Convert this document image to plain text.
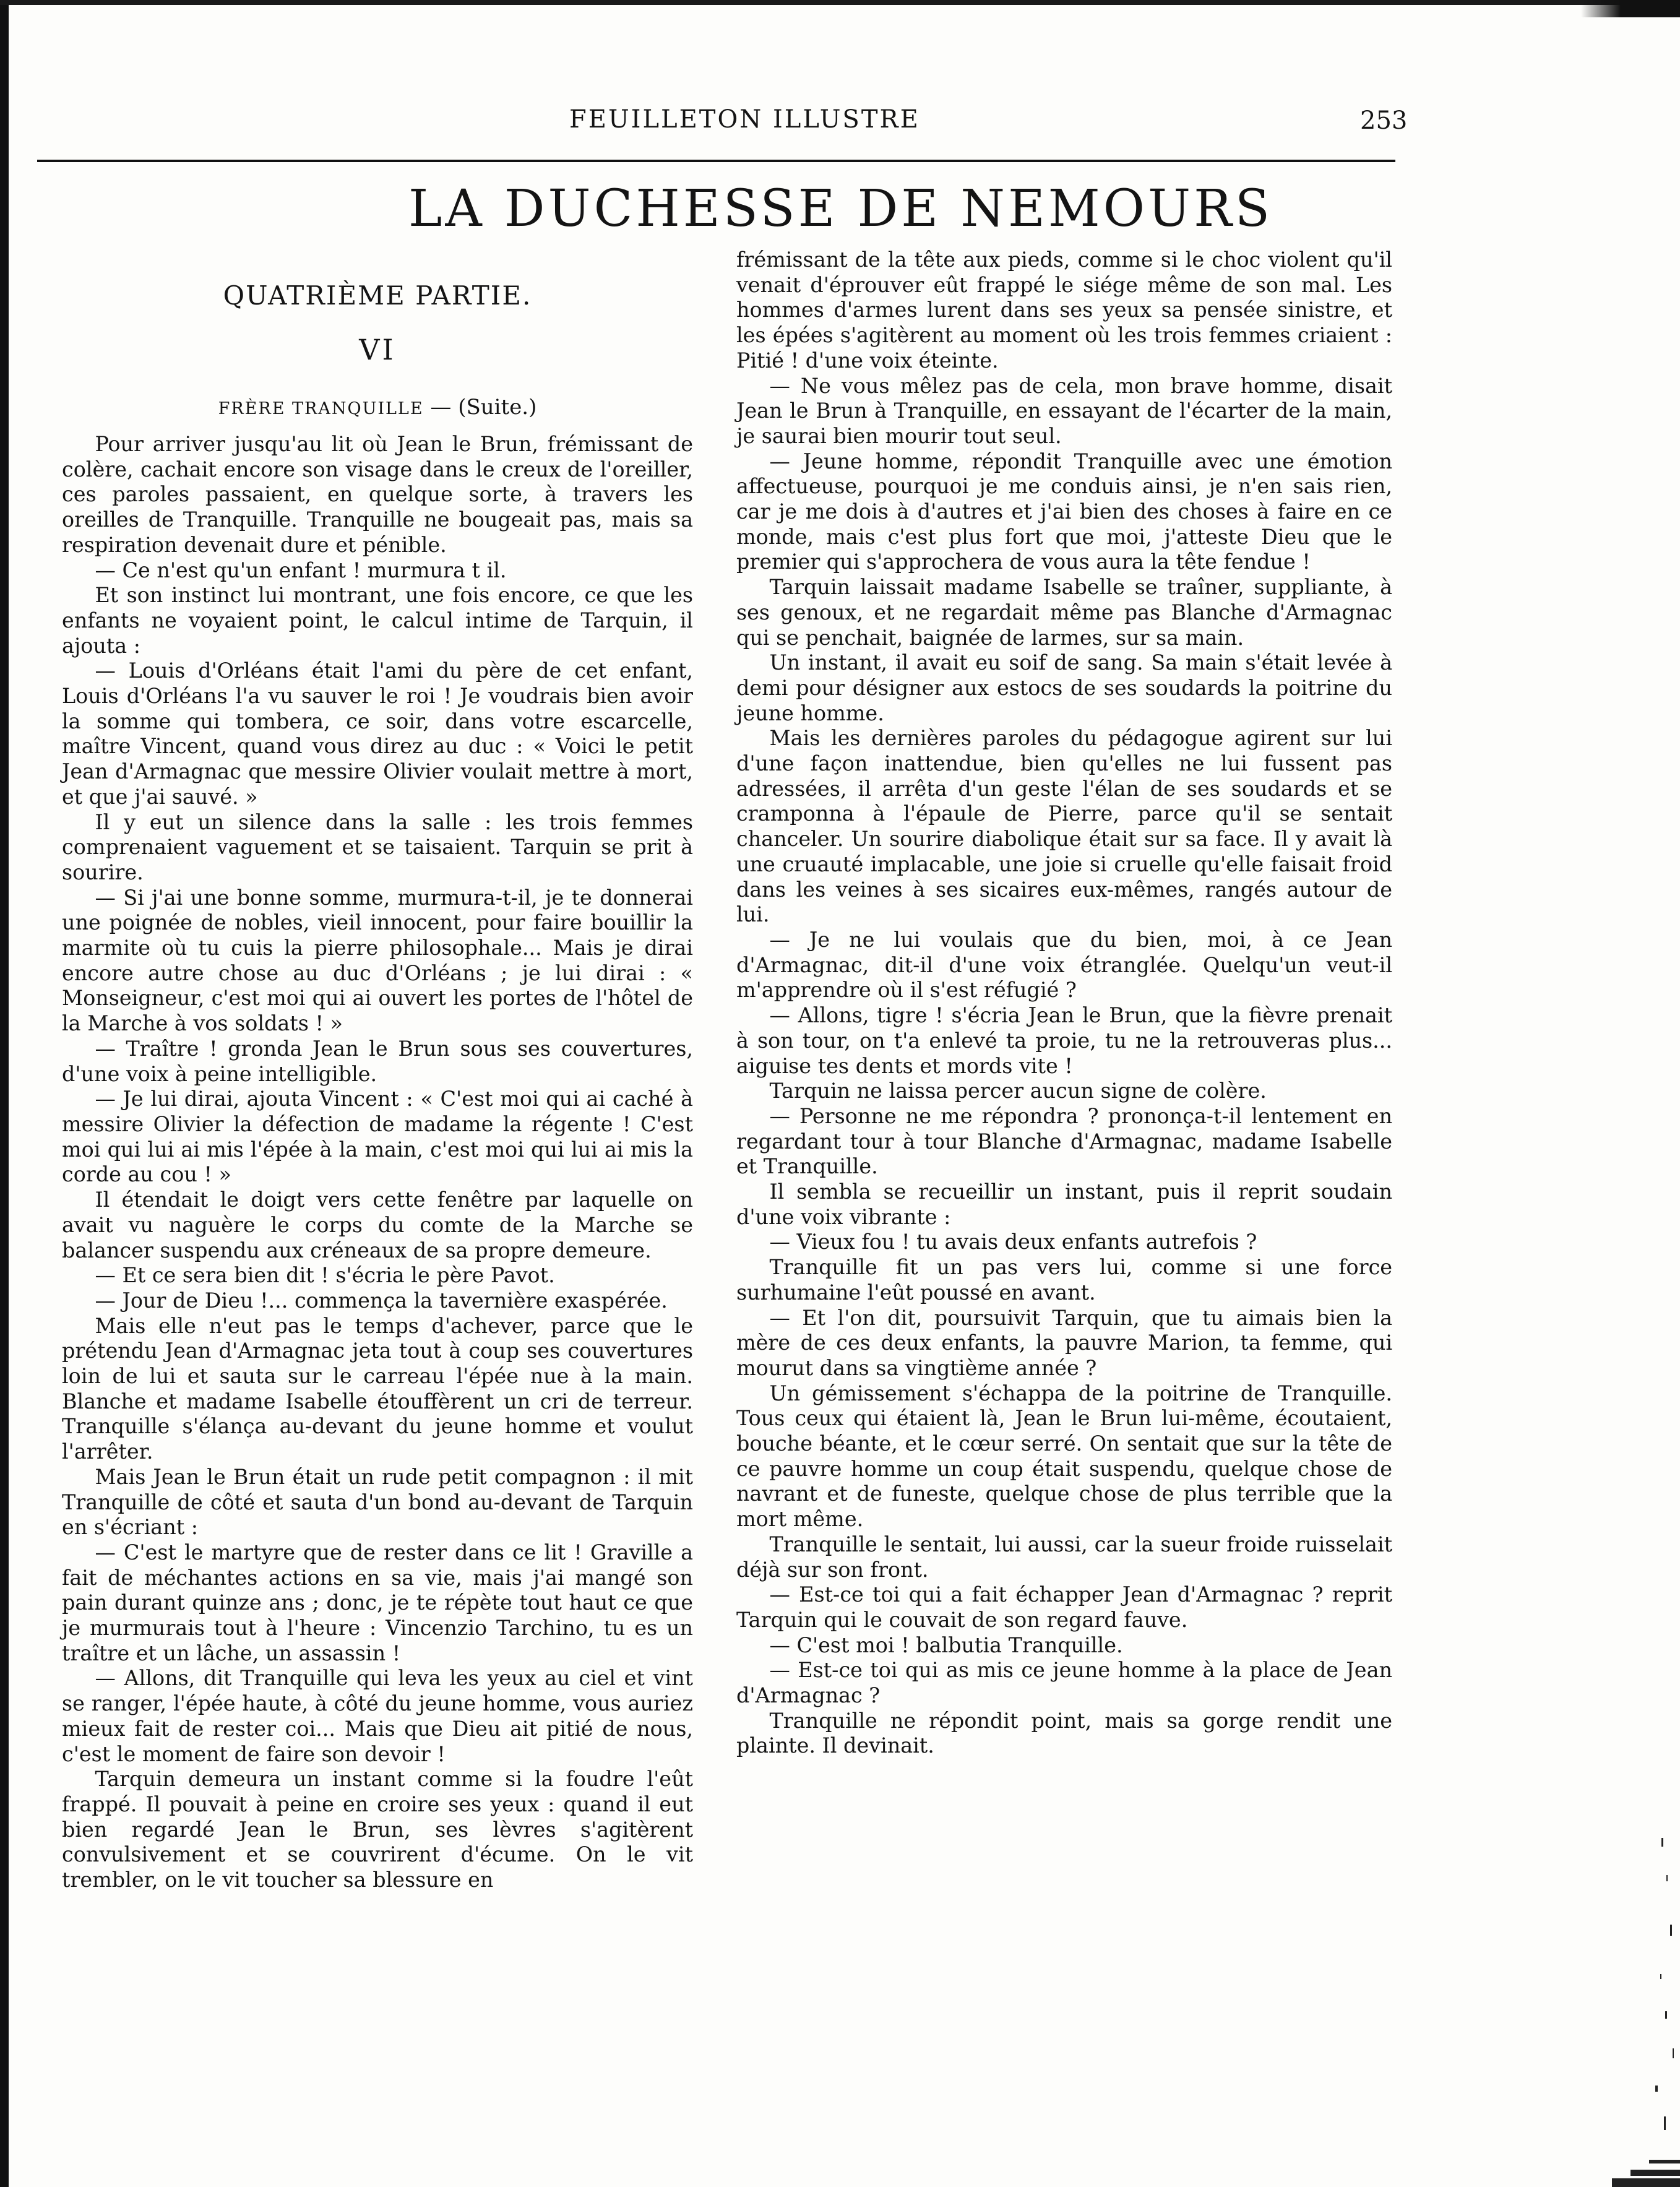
FEUILLETON ILLUSTRE	253
LA DUCHESSE DE NEMOURS
QUATRIÈME PARTIE.
VI
FRÈRE TRANQUILLE — (Suite.)

Pour arriver jusqu'au lit où Jean le Brun, frémissant de colère, cachait encore son visage dans le creux de l'oreiller, ces paroles passaient, en quelque sorte, à travers les oreilles de Tranquille. Tranquille ne bougeait pas, mais sa respiration devenait dure et pénible.

— Ce n'est qu'un enfant ! murmura t il.

Et son instinct lui montrant, une fois encore, ce que les enfants ne voyaient point, le calcul intime de Tarquin, il ajouta :

— Louis d'Orléans était l'ami du père de cet enfant, Louis d'Orléans l'a vu sauver le roi ! Je voudrais bien avoir la somme qui tombera, ce soir, dans votre escarcelle, maître Vincent, quand vous direz au duc : « Voici le petit Jean d'Armagnac que messire Olivier voulait mettre à mort, et que j'ai sauvé. »

Il y eut un silence dans la salle : les trois femmes comprenaient vaguement et se taisaient. Tarquin se prit à sourire.

— Si j'ai une bonne somme, murmura-t-il, je te donnerai une poignée de nobles, vieil innocent, pour faire bouillir la marmite où tu cuis la pierre philosophale... Mais je dirai encore autre chose au duc d'Orléans ; je lui dirai : « Monseigneur, c'est moi qui ai ouvert les portes de l'hôtel de la Marche à vos soldats ! »

— Traître ! gronda Jean le Brun sous ses couvertures, d'une voix à peine intelligible.

— Je lui dirai, ajouta Vincent : « C'est moi qui ai caché à messire Olivier la défection de madame la régente ! C'est moi qui lui ai mis l'épée à la main, c'est moi qui lui ai mis la corde au cou ! »

Il étendait le doigt vers cette fenêtre par laquelle on avait vu naguère le corps du comte de la Marche se balancer suspendu aux créneaux de sa propre demeure.

— Et ce sera bien dit ! s'écria le père Pavot.

— Jour de Dieu !... commença la tavernière exaspérée.

Mais elle n'eut pas le temps d'achever, parce que le prétendu Jean d'Armagnac jeta tout à coup ses couvertures loin de lui et sauta sur le carreau l'épée nue à la main. Blanche et madame Isabelle étouffèrent un cri de terreur. Tranquille s'élança au-devant du jeune homme et voulut l'arrêter.

Mais Jean le Brun était un rude petit compagnon : il mit Tranquille de côté et sauta d'un bond au-devant de Tarquin en s'écriant :

— C'est le martyre que de rester dans ce lit ! Graville a fait de méchantes actions en sa vie, mais j'ai mangé son pain durant quinze ans ; donc, je te répète tout haut ce que je murmurais tout à l'heure : Vincenzio Tarchino, tu es un traître et un lâche, un assassin !

— Allons, dit Tranquille qui leva les yeux au ciel et vint se ranger, l'épée haute, à côté du jeune homme, vous auriez mieux fait de rester coi... Mais que Dieu ait pitié de nous, c'est le moment de faire son devoir !

Tarquin demeura un instant comme si la foudre l'eût frappé. Il pouvait à peine en croire ses yeux : quand il eut bien regardé Jean le Brun, ses lèvres s'agitèrent convulsivement et se couvrirent d'écume. On le vit trembler, on le vit toucher sa blessure en

frémissant de la tête aux pieds, comme si le choc violent qu'il venait d'éprouver eût frappé le siége même de son mal. Les hommes d'armes lurent dans ses yeux sa pensée sinistre, et les épées s'agitèrent au moment où les trois femmes criaient : Pitié ! d'une voix éteinte.

— Ne vous mêlez pas de cela, mon brave homme, disait Jean le Brun à Tranquille, en essayant de l'écarter de la main, je saurai bien mourir tout seul.

— Jeune homme, répondit Tranquille avec une émotion affectueuse, pourquoi je me conduis ainsi, je n'en sais rien, car je me dois à d'autres et j'ai bien des choses à faire en ce monde, mais c'est plus fort que moi, j'atteste Dieu que le premier qui s'approchera de vous aura la tête fendue !

Tarquin laissait madame Isabelle se traîner, suppliante, à ses genoux, et ne regardait même pas Blanche d'Armagnac qui se penchait, baignée de larmes, sur sa main.

Un instant, il avait eu soif de sang. Sa main s'était levée à demi pour désigner aux estocs de ses soudards la poitrine du jeune homme.

Mais les dernières paroles du pédagogue agirent sur lui d'une façon inattendue, bien qu'elles ne lui fussent pas adressées, il arrêta d'un geste l'élan de ses soudards et se cramponna à l'épaule de Pierre, parce qu'il se sentait chanceler. Un sourire diabolique était sur sa face. Il y avait là une cruauté implacable, une joie si cruelle qu'elle faisait froid dans les veines à ses sicaires eux-mêmes, rangés autour de lui.

— Je ne lui voulais que du bien, moi, à ce Jean d'Armagnac, dit-il d'une voix étranglée. Quelqu'un veut-il m'apprendre où il s'est réfugié ?

— Allons, tigre ! s'écria Jean le Brun, que la fièvre prenait à son tour, on t'a enlevé ta proie, tu ne la retrouveras plus... aiguise tes dents et mords vite !

Tarquin ne laissa percer aucun signe de colère.

— Personne ne me répondra ? prononça-t-il lentement en regardant tour à tour Blanche d'Armagnac, madame Isabelle et Tranquille.

Il sembla se recueillir un instant, puis il reprit soudain d'une voix vibrante :

— Vieux fou ! tu avais deux enfants autrefois ?

Tranquille fit un pas vers lui, comme si une force surhumaine l'eût poussé en avant.

— Et l'on dit, poursuivit Tarquin, que tu aimais bien la mère de ces deux enfants, la pauvre Marion, ta femme, qui mourut dans sa vingtième année ?

Un gémissement s'échappa de la poitrine de Tranquille. Tous ceux qui étaient là, Jean le Brun lui-même, écoutaient, bouche béante, et le cœur serré. On sentait que sur la tête de ce pauvre homme un coup était suspendu, quelque chose de navrant et de funeste, quelque chose de plus terrible que la mort même.

Tranquille le sentait, lui aussi, car la sueur froide ruisselait déjà sur son front.

— Est-ce toi qui a fait échapper Jean d'Armagnac ? reprit Tarquin qui le couvait de son regard fauve.

— C'est moi ! balbutia Tranquille.

— Est-ce toi qui as mis ce jeune homme à la place de Jean d'Armagnac ?

Tranquille ne répondit point, mais sa gorge rendit une plainte. Il devinait.
